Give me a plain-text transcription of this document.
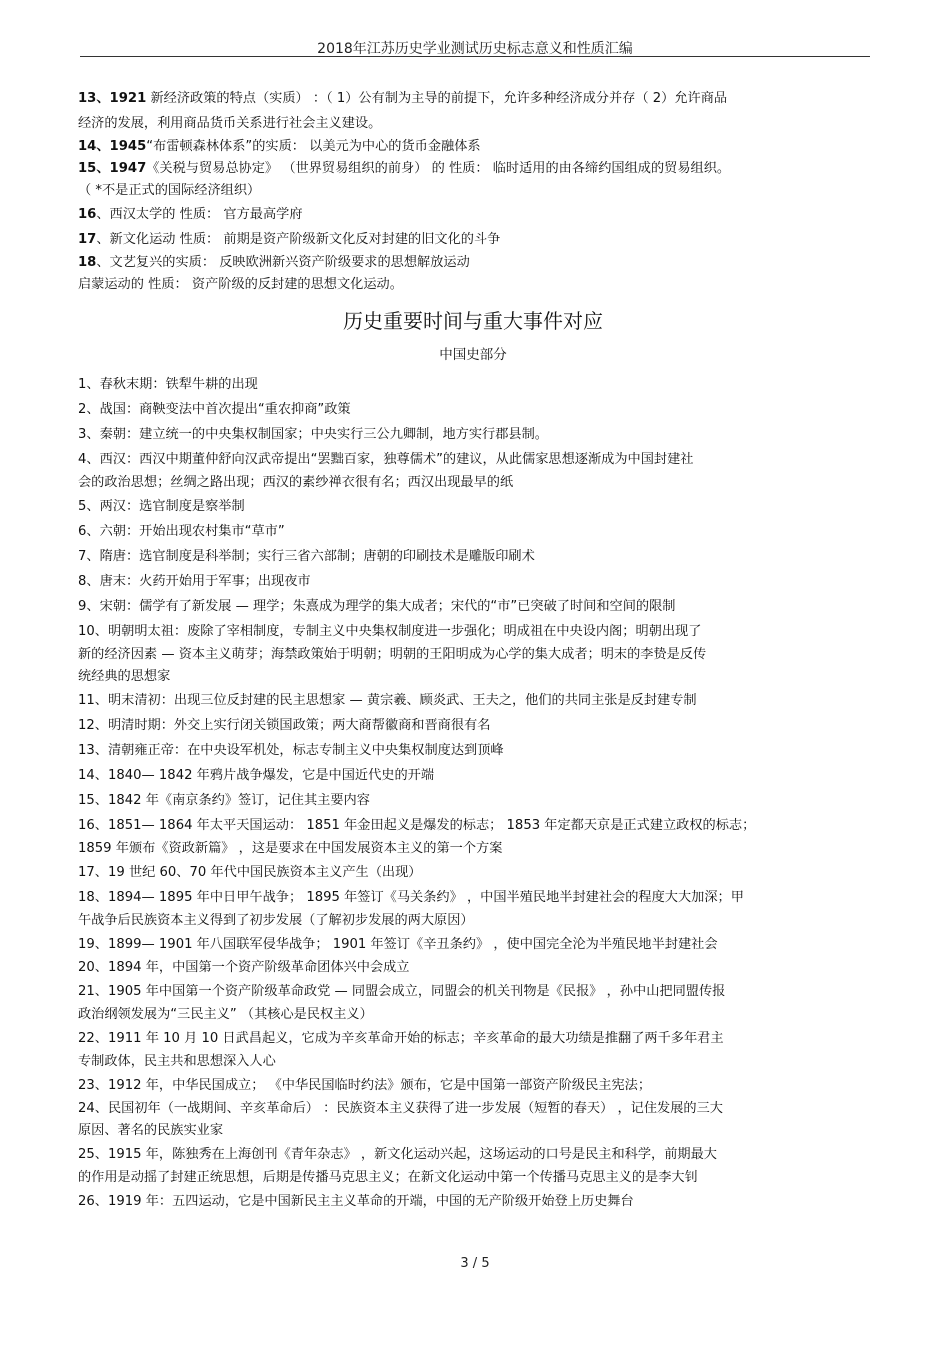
2018年江苏历史学业测试历史标志意义和性质汇编
13、1921 新经济政策的特点（实质） ：（ 1）公有制为主导的前提下，允许多种经济成分并存（ 2）允许商品
经济的发展，利用商品货币关系进行社会主义建设。
14、1945“布雷顿森林体系”的实质： 以美元为中心的货币金融体系
15、1947《关税与贸易总协定》 （世界贸易组织的前身） 的 性质： 临时适用的由各缔约国组成的贸易组织。
（ *不是正式的国际经济组织）
16、西汉太学的 性质： 官方最高学府
17、新文化运动 性质： 前期是资产阶级新文化反对封建的旧文化的斗争
18、文艺复兴的实质： 反映欧洲新兴资产阶级要求的思想解放运动
启蒙运动的 性质： 资产阶级的反封建的思想文化运动。
历史重要时间与重大事件对应
中国史部分
1、春秋末期：铁犁牛耕的出现
2、战国：商鞅变法中首次提出“重农抑商”政策
3、秦朝：建立统一的中央集权制国家；中央实行三公九卿制，地方实行郡县制。
4、西汉：西汉中期董仲舒向汉武帝提出“罢黜百家，独尊儒术”的建议，从此儒家思想逐渐成为中国封建社
会的政治思想；丝绸之路出现；西汉的素纱禅衣很有名；西汉出现最早的纸
5、两汉：选官制度是察举制
6、六朝：开始出现农村集市“草市”
7、隋唐：选官制度是科举制；实行三省六部制；唐朝的印刷技术是雕版印刷术
8、唐末：火药开始用于军事；出现夜市
9、宋朝：儒学有了新发展 — 理学；朱熹成为理学的集大成者；宋代的“市”已突破了时间和空间的限制
10、明朝明太祖：废除了宰相制度，专制主义中央集权制度进一步强化；明成祖在中央设内阁；明朝出现了
新的经济因素 — 资本主义萌芽；海禁政策始于明朝；明朝的王阳明成为心学的集大成者；明末的李贽是反传
统经典的思想家
11、明末清初：出现三位反封建的民主思想家 — 黄宗羲、顾炎武、王夫之，他们的共同主张是反封建专制
12、明清时期：外交上实行闭关锁国政策；两大商帮徽商和晋商很有名
13、清朝雍正帝：在中央设军机处，标志专制主义中央集权制度达到顶峰
14、1840— 1842 年鸦片战争爆发，它是中国近代史的开端
15、1842 年《南京条约》签订，记住其主要内容
16、1851— 1864 年太平天国运动： 1851 年金田起义是爆发的标志； 1853 年定都天京是正式建立政权的标志；
1859 年颁布《资政新篇》 ，这是要求在中国发展资本主义的第一个方案
17、19 世纪 60、70 年代中国民族资本主义产生（出现）
18、1894— 1895 年中日甲午战争； 1895 年签订《马关条约》 ，中国半殖民地半封建社会的程度大大加深；甲
午战争后民族资本主义得到了初步发展（了解初步发展的两大原因）
19、1899— 1901 年八国联军侵华战争； 1901 年签订《辛丑条约》 ，使中国完全沦为半殖民地半封建社会
20、1894 年，中国第一个资产阶级革命团体兴中会成立
21、1905 年中国第一个资产阶级革命政党 — 同盟会成立，同盟会的机关刊物是《民报》 ，孙中山把同盟传报
政治纲领发展为“三民主义” （其核心是民权主义）
22、1911 年 10 月 10 日武昌起义，它成为辛亥革命开始的标志；辛亥革命的最大功绩是推翻了两千多年君主
专制政体，民主共和思想深入人心
23、1912 年，中华民国成立； 《中华民国临时约法》颁布，它是中国第一部资产阶级民主宪法；
24、民国初年（一战期间、辛亥革命后） ：民族资本主义获得了进一步发展（短暂的春天） ，记住发展的三大
原因、著名的民族实业家
25、1915 年，陈独秀在上海创刊《青年杂志》 ，新文化运动兴起，这场运动的口号是民主和科学，前期最大
的作用是动摇了封建正统思想，后期是传播马克思主义；在新文化运动中第一个传播马克思主义的是李大钊
26、1919 年：五四运动，它是中国新民主主义革命的开端，中国的无产阶级开始登上历史舞台
3 / 5
